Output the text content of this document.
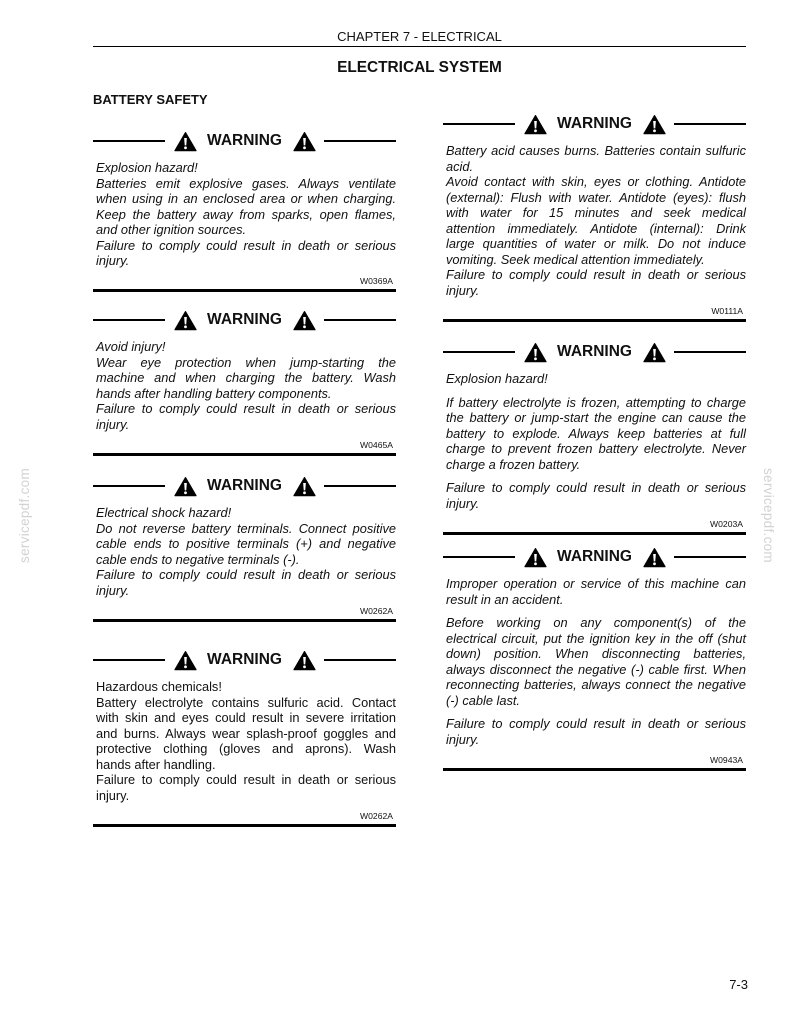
CHAPTER 7 - ELECTRICAL
ELECTRICAL SYSTEM
BATTERY SAFETY
servicepdf.com	servicepdf.com
WARNING
Explosion hazard!
Batteries emit explosive gases. Always ventilate
when using in an enclosed area or when charging.
Keep the battery away from sparks, open flames,
and other ignition sources.
Failure to comply could result in death or serious
injury.
W0369A
WARNING
Avoid injury!
Wear eye protection when jump-starting the
machine and when charging the battery. Wash
hands after handling battery components.
Failure to comply could result in death or serious
injury.
W0465A
WARNING
Electrical shock hazard!
Do not reverse battery terminals. Connect positive
cable ends to positive terminals (+) and negative
cable ends to negative terminals (-).
Failure to comply could result in death or serious
injury.
W0262A
WARNING
Hazardous chemicals!
Battery electrolyte contains sulfuric acid. Contact
with skin and eyes could result in severe irritation
and burns. Always wear splash-proof goggles and
protective clothing (gloves and aprons). Wash
hands after handling.
Failure to comply could result in death or serious
injury.
W0262A
WARNING
Battery acid causes burns. Batteries contain sulfuric
acid.
Avoid contact with skin, eyes or clothing. Antidote
(external): Flush with water. Antidote (eyes): flush
with water for 15 minutes and seek medical
attention immediately. Antidote (internal): Drink
large quantities of water or milk. Do not induce
vomiting. Seek medical attention immediately.
Failure to comply could result in death or serious
injury.
W0111A
WARNING
Explosion hazard!
If battery electrolyte is frozen, attempting to charge
the battery or jump-start the engine can cause the
battery to explode. Always keep batteries at full
charge to prevent frozen battery electrolyte. Never
charge a frozen battery.
Failure to comply could result in death or serious
injury.
W0203A
WARNING
Improper operation or service of this machine can
result in an accident.
Before working on any component(s) of the
electrical circuit, put the ignition key in the off (shut
down) position. When disconnecting batteries,
always disconnect the negative (-) cable first. When
reconnecting batteries, always connect the negative
(-) cable last.
Failure to comply could result in death or serious
injury.
W0943A
7-3
